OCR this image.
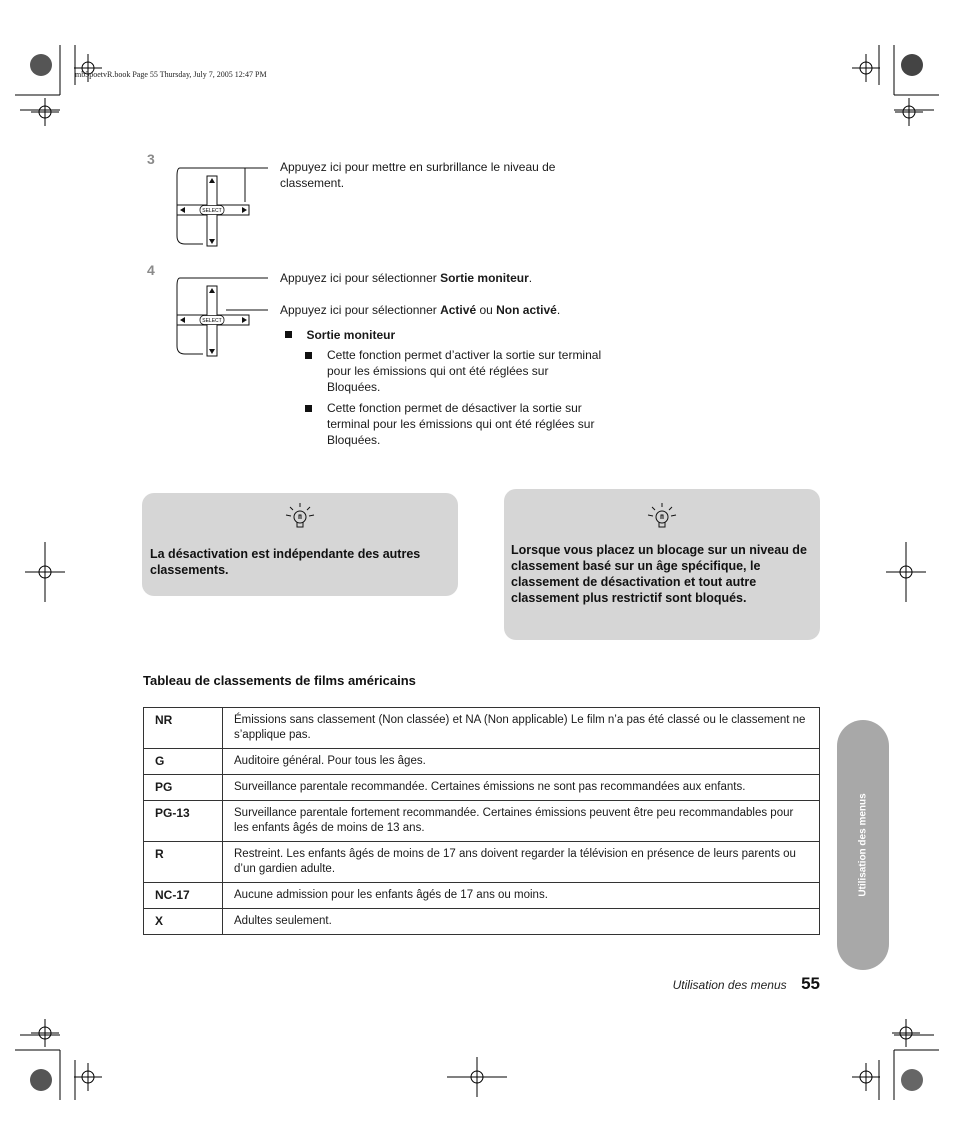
mb5poetvR.book Page 55 Thursday, July 7, 2005 12:47 PM
3
SELECT
Appuyez ici pour mettre en surbrillance le niveau de classement.
4
SELECT
Appuyez ici pour sélectionner Sortie moniteur.
Appuyez ici pour sélectionner Activé ou Non activé.
Sortie moniteur
Cette fonction permet d’activer la sortie sur terminal pour les émissions qui ont été réglées sur Bloquées.
Cette fonction permet de désactiver la sortie sur terminal pour les émissions qui ont été réglées sur Bloquées.
La désactivation est indépendante des autres classements.
Lorsque vous placez un blocage sur un niveau de classement basé sur un âge spécifique, le classement de désactivation et tout autre classement plus restrictif sont bloqués.
Tableau de classements de films américains
NR	Émissions sans classement (Non classée) et NA (Non applicable) Le film n’a pas été classé ou le classement ne s’applique pas.
G	Auditoire général. Pour tous les âges.
PG	Surveillance parentale recommandée. Certaines émissions ne sont pas recommandées aux enfants.
PG-13	Surveillance parentale fortement recommandée. Certaines émissions peuvent être peu recommandables pour les enfants âgés de moins de 13 ans.
R	Restreint. Les enfants âgés de moins de 17 ans doivent regarder la télévision en présence de leurs parents ou d’un gardien adulte.
NC-17	Aucune admission pour les enfants âgés de 17 ans ou moins.
X	Adultes seulement.
Utilisation des menus
Utilisation des menus 55
